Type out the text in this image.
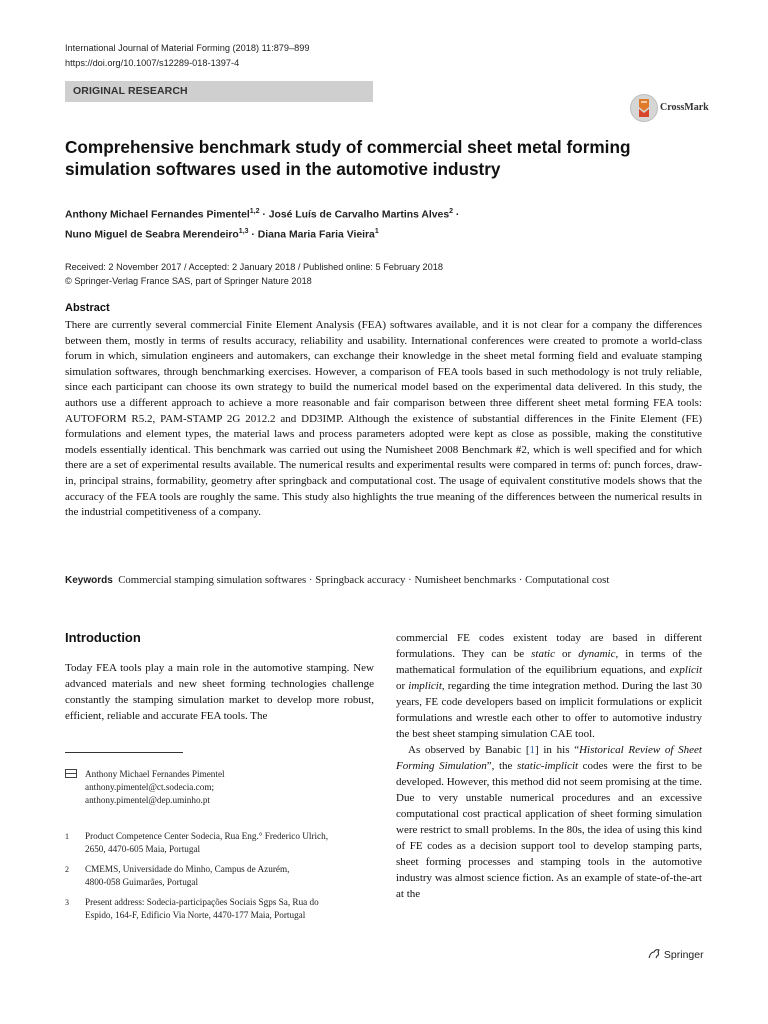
International Journal of Material Forming (2018) 11:879–899
https://doi.org/10.1007/s12289-018-1397-4
ORIGINAL RESEARCH
CrossMark
Comprehensive benchmark study of commercial sheet metal forming simulation softwares used in the automotive industry
Anthony Michael Fernandes Pimentel$^{1,2}$ · José Luís de Carvalho Martins Alves$^2$ ·
Nuno Miguel de Seabra Merendeiro$^{1,3}$ · Diana Maria Faria Vieira$^1$
Received: 2 November 2017 / Accepted: 2 January 2018 / Published online: 5 February 2018
© Springer-Verlag France SAS, part of Springer Nature 2018
Abstract
There are currently several commercial Finite Element Analysis (FEA) softwares available, and it is not clear for a company the differences between them, mostly in terms of results accuracy, reliability and usability. International conferences were created to promote a world-class forum in which, simulation engineers and automakers, can exchange their knowledge in the sheet metal forming field and evaluate stamping simulation softwares, through benchmarking exercises. However, a comparison of FEA tools based in such methodology is not truly reliable, since each participant can choose its own strategy to build the numerical model based on the experimental data delivered. In this study, the authors use a different approach to achieve a more reasonable and fair comparison between three different sheet metal forming FEA tools: AUTOFORM R5.2, PAM-STAMP 2G 2012.2 and DD3IMP. Although the existence of substantial differences in the Finite Element (FE) formulations and element types, the material laws and process parameters adopted were kept as close as possible, making the constitutive models essentially identical. This benchmark was carried out using the Numisheet 2008 Benchmark #2, which is well specified and for which there are a set of experimental results available. The numerical results and experimental results were compared in terms of: punch forces, draw-in, principal strains, formability, geometry after springback and computational cost. The usage of equivalent constitutive models shows that the accuracy of the FEA tools are roughly the same. This study also highlights the true meaning of the differences between the numerical results in the industrial competitiveness of a company.
Keywords Commercial stamping simulation softwares · Springback accuracy · Numisheet benchmarks · Computational cost
Introduction
Today FEA tools play a main role in the automotive stamping. New advanced materials and new sheet forming technologies challenge constantly the stamping simulation market to develop more robust, efficient, reliable and accurate FEA tools. The

commercial FE codes existent today are based in different formulations. They can be static or dynamic, in terms of the mathematical formulation of the equilibrium equations, and explicit or implicit, regarding the time integration method. During the last 30 years, FE code developers based on implicit formulations or explicit formulations and wrestle each other to offer to automotive industry the best sheet stamping simulation CAE tool.

As observed by Banabic [1] in his “Historical Review of Sheet Forming Simulation”, the static-implicit codes were the first to be developed. However, this method did not seem promising at the time. Due to very unstable numerical procedures and an excessive computational cost practical application of sheet forming simulation were restrict to small problems. In the 80s, the idea of using this kind of FE codes as a decision support tool to develop stamping parts, sheet forming processes and stamping tools in the automotive industry was almost science fiction. As an example of state-of-the-art at the

Anthony Michael Fernandes Pimentel
anthony.pimentel@ct.sodecia.com;
anthony.pimentel@dep.uminho.pt
1 Product Competence Center Sodecia, Rua Eng.° Frederico Ulrich,
2650, 4470-605 Maia, Portugal
2 CMEMS, Universidade do Minho, Campus de Azurém,
4800-058 Guimarães, Portugal
3 Present address: Sodecia-participações Sociais Sgps Sa, Rua do
Espido, 164-F, Edificio Via Norte, 4470-177 Maia, Portugal
Springer
